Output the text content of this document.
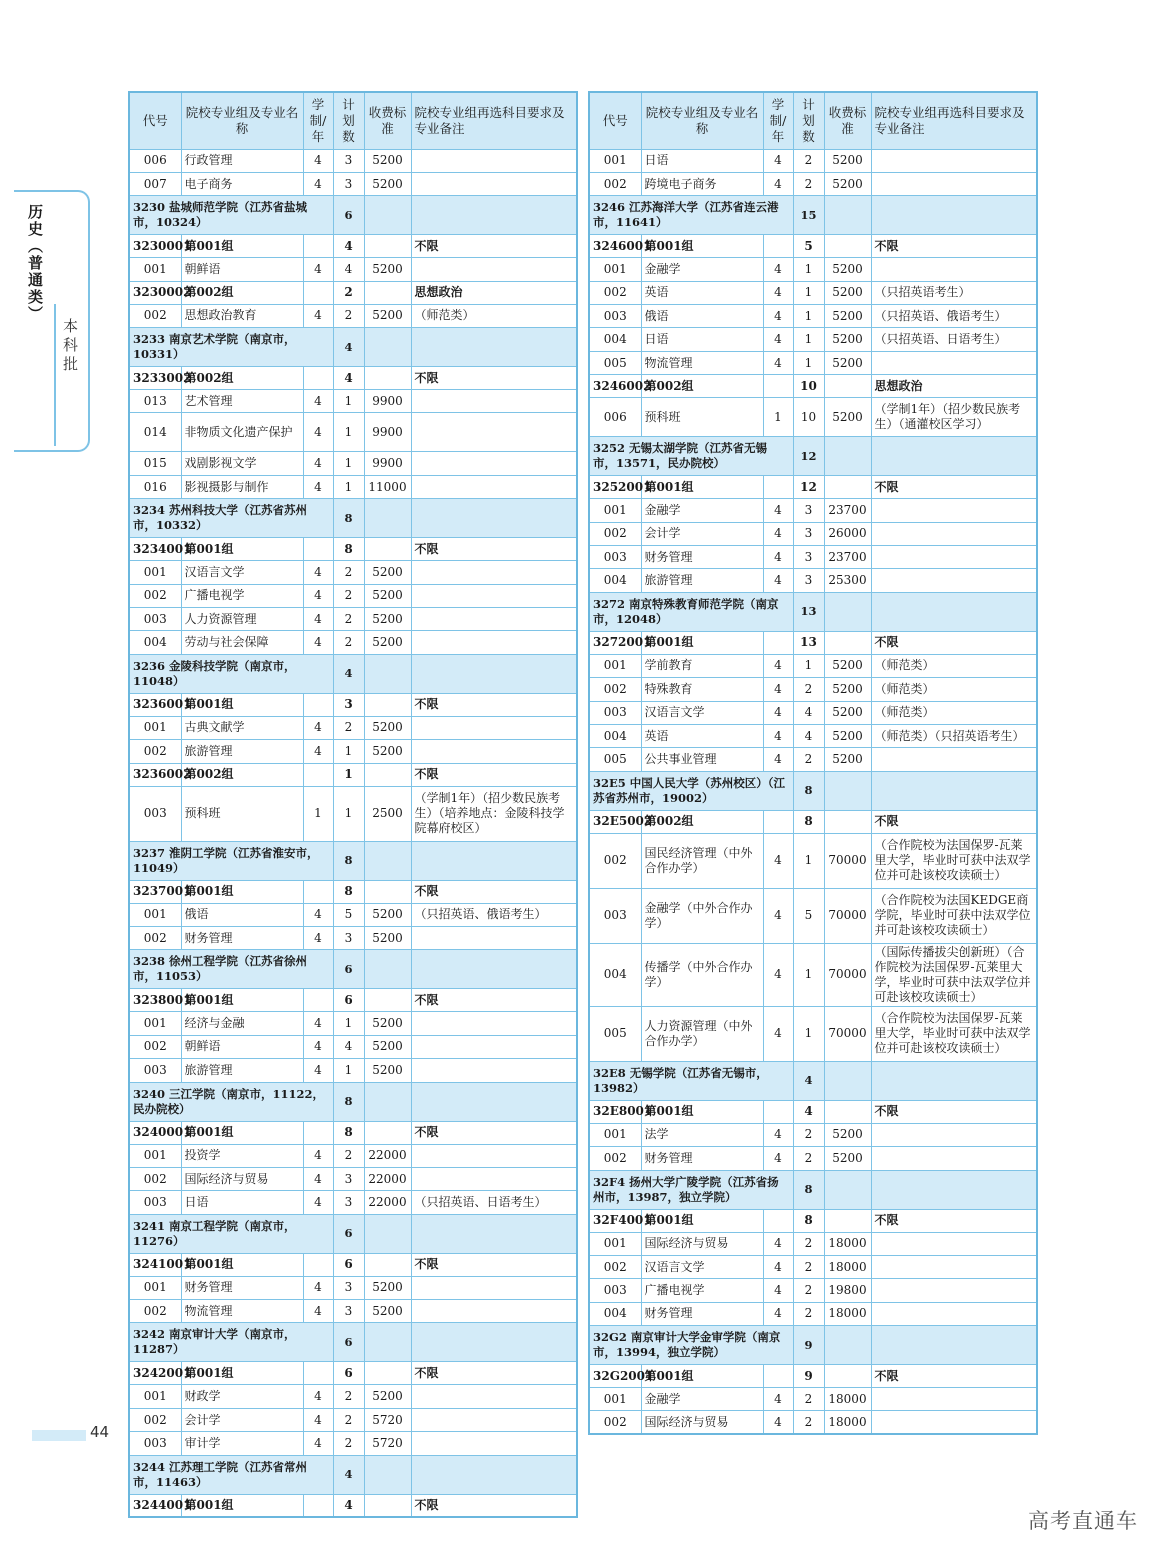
历史（普通类）
本科批
代号	院校专业组及专业名称	学制/年	计划数	收费标准	院校专业组再选科目要求及专业备注
006	行政管理	4	3	5200	
007	电子商务	4	3	5200	
3230 盐城师范学院（江苏省盐城市，10324）			6		
3230001	第001组		4		不限
001	朝鲜语	4	4	5200	
3230002	第002组		2		思想政治
002	思想政治教育	4	2	5200	（师范类）
3233 南京艺术学院（南京市，10331）			4		
3233002	第002组		4		不限
013	艺术管理	4	1	9900	
014	非物质文化遗产保护	4	1	9900	
015	戏剧影视文学	4	1	9900	
016	影视摄影与制作	4	1	11000	
3234 苏州科技大学（江苏省苏州市，10332）			8		
3234001	第001组		8		不限
001	汉语言文学	4	2	5200	
002	广播电视学	4	2	5200	
003	人力资源管理	4	2	5200	
004	劳动与社会保障	4	2	5200	
3236 金陵科技学院（南京市，11048）			4		
3236001	第001组		3		不限
001	古典文献学	4	2	5200	
002	旅游管理	4	1	5200	
3236002	第002组		1		不限
003	预科班	1	1	2500	（学制1年）（招少数民族考生）（培养地点：金陵科技学院幕府校区）
3237 淮阴工学院（江苏省淮安市，11049）			8		
3237001	第001组		8		不限
001	俄语	4	5	5200	（只招英语、俄语考生）
002	财务管理	4	3	5200	
3238 徐州工程学院（江苏省徐州市，11053）			6		
3238001	第001组		6		不限
001	经济与金融	4	1	5200	
002	朝鲜语	4	4	5200	
003	旅游管理	4	1	5200	
3240 三江学院（南京市，11122，民办院校）			8		
3240001	第001组		8		不限
001	投资学	4	2	22000	
002	国际经济与贸易	4	3	22000	
003	日语	4	3	22000	（只招英语、日语考生）
3241 南京工程学院（南京市，11276）			6		
3241001	第001组		6		不限
001	财务管理	4	3	5200	
002	物流管理	4	3	5200	
3242 南京审计大学（南京市，11287）			6		
3242001	第001组		6		不限
001	财政学	4	2	5200	
002	会计学	4	2	5720	
003	审计学	4	2	5720	
3244 江苏理工学院（江苏省常州市，11463）			4		
3244001	第001组		4		不限
代号	院校专业组及专业名称	学制/年	计划数	收费标准	院校专业组再选科目要求及专业备注
001	日语	4	2	5200	
002	跨境电子商务	4	2	5200	
3246 江苏海洋大学（江苏省连云港市，11641）			15		
3246001	第001组		5		不限
001	金融学	4	1	5200	
002	英语	4	1	5200	（只招英语考生）
003	俄语	4	1	5200	（只招英语、俄语考生）
004	日语	4	1	5200	（只招英语、日语考生）
005	物流管理	4	1	5200	
3246002	第002组		10		思想政治
006	预科班	1	10	5200	（学制1年）（招少数民族考生）（通灌校区学习）
3252 无锡太湖学院（江苏省无锡市，13571，民办院校）			12		
3252001	第001组		12		不限
001	金融学	4	3	23700	
002	会计学	4	3	26000	
003	财务管理	4	3	23700	
004	旅游管理	4	3	25300	
3272 南京特殊教育师范学院（南京市，12048）			13		
3272001	第001组		13		不限
001	学前教育	4	1	5200	（师范类）
002	特殊教育	4	2	5200	（师范类）
003	汉语言文学	4	4	5200	（师范类）
004	英语	4	4	5200	（师范类）（只招英语考生）
005	公共事业管理	4	2	5200	
32E5 中国人民大学（苏州校区）（江苏省苏州市，19002）			8		
32E5002	第002组		8		不限
002	国民经济管理（中外合作办学）	4	1	70000	（合作院校为法国保罗-瓦莱里大学，毕业时可获中法双学位并可赴该校攻读硕士）
003	金融学（中外合作办学）	4	5	70000	（合作院校为法国KEDGE商学院，毕业时可获中法双学位并可赴该校攻读硕士）
004	传播学（中外合作办学）	4	1	70000	（国际传播拔尖创新班）（合作院校为法国保罗-瓦莱里大学，毕业时可获中法双学位并可赴该校攻读硕士）
005	人力资源管理（中外合作办学）	4	1	70000	（合作院校为法国保罗-瓦莱里大学，毕业时可获中法双学位并可赴该校攻读硕士）
32E8 无锡学院（江苏省无锡市，13982）			4		
32E8001	第001组		4		不限
001	法学	4	2	5200	
002	财务管理	4	2	5200	
32F4 扬州大学广陵学院（江苏省扬州市，13987，独立学院）			8		
32F4001	第001组		8		不限
001	国际经济与贸易	4	2	18000	
002	汉语言文学	4	2	18000	
003	广播电视学	4	2	19800	
004	财务管理	4	2	18000	
32G2 南京审计大学金审学院（南京市，13994，独立学院）			9		
32G2001	第001组		9		不限
001	金融学	4	2	18000	
002	国际经济与贸易	4	2	18000	
44
高考直通车
